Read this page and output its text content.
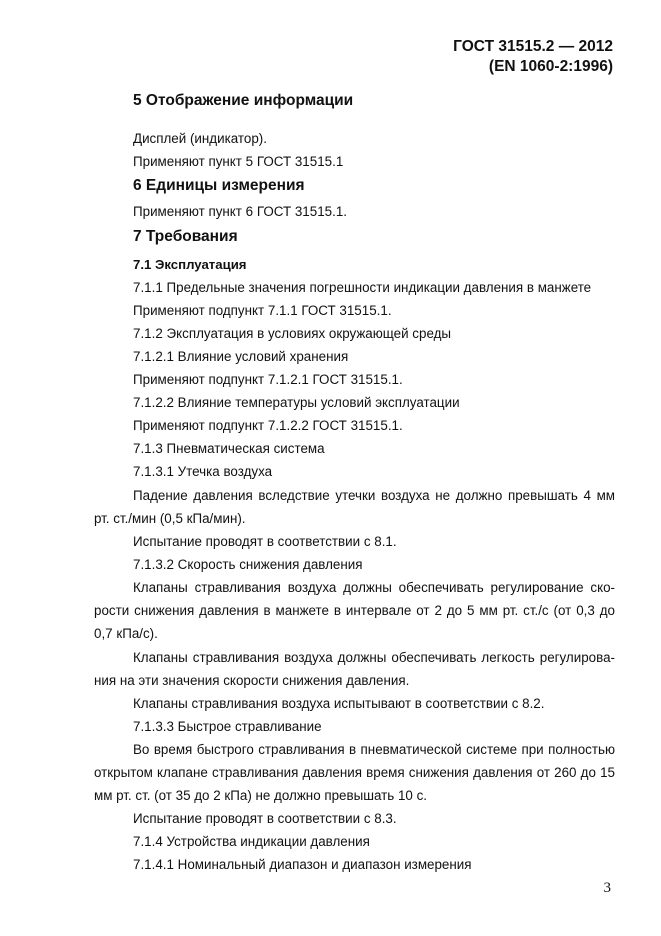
ГОСТ 31515.2 — 2012
(EN 1060-2:1996)
5 Отображение информации
Дисплей (индикатор).
Применяют пункт 5 ГОСТ 31515.1
6 Единицы измерения
Применяют пункт 6 ГОСТ 31515.1.
7 Требования
7.1 Эксплуатация
7.1.1 Предельные значения погрешности индикации давления в манжете
Применяют подпункт 7.1.1 ГОСТ 31515.1.
7.1.2 Эксплуатация в условиях окружающей среды
7.1.2.1 Влияние условий хранения
Применяют подпункт 7.1.2.1 ГОСТ 31515.1.
7.1.2.2 Влияние температуры условий эксплуатации
Применяют подпункт 7.1.2.2 ГОСТ 31515.1.
7.1.3 Пневматическая система
7.1.3.1 Утечка воздуха
Падение давления вследствие утечки воздуха не должно превышать 4 мм
рт. ст./мин (0,5 кПа/мин).
Испытание проводят в соответствии с 8.1.
7.1.3.2 Скорость снижения давления
Клапаны стравливания воздуха должны обеспечивать регулирование ско-
рости снижения давления в манжете в интервале от 2 до 5 мм рт. ст./с (от 0,3 до
0,7 кПа/с).
Клапаны стравливания воздуха должны обеспечивать легкость регулирова-
ния на эти значения скорости снижения давления.
Клапаны стравливания воздуха испытывают в соответствии с 8.2.
7.1.3.3 Быстрое стравливание
Во время быстрого стравливания в пневматической системе при полностью
открытом клапане стравливания давления время снижения давления от 260 до 15
мм рт. ст. (от 35 до 2 кПа) не должно превышать 10 с.
Испытание проводят в соответствии с 8.3.
7.1.4 Устройства индикации давления
7.1.4.1 Номинальный диапазон и диапазон измерения
3
